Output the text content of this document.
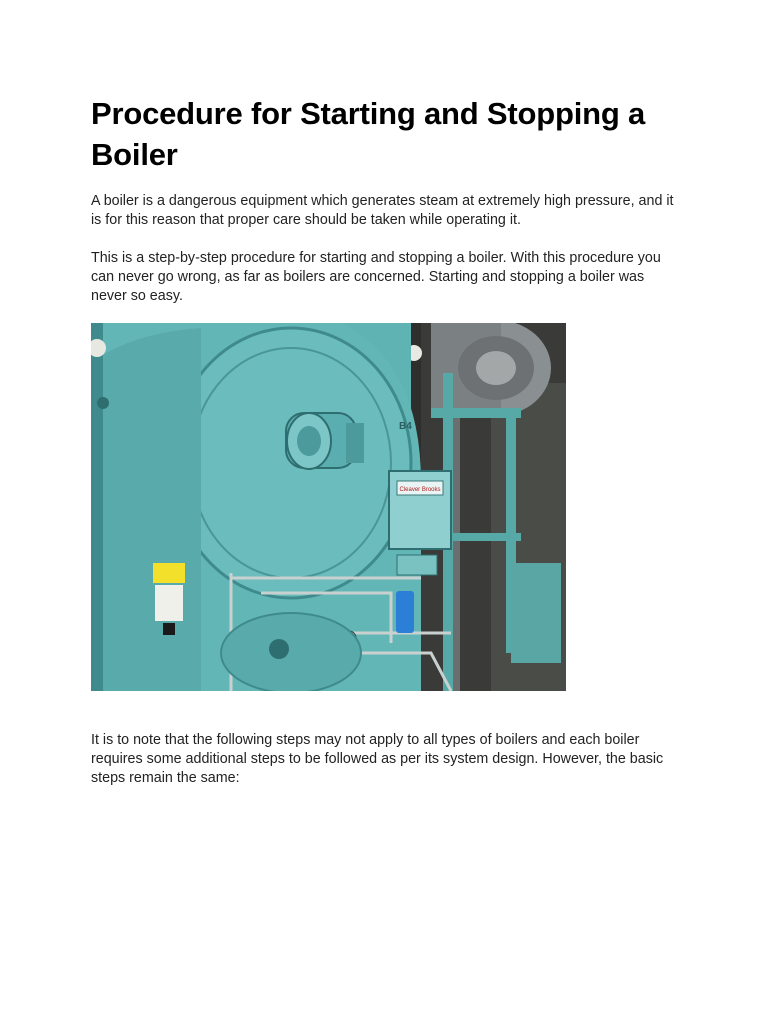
Procedure for Starting and Stopping a Boiler

A boiler is a dangerous equipment which generates steam at extremely high pressure, and it is for this reason that proper care should be taken while operating it.

This is a step-by-step procedure for starting and stopping a boiler. With this procedure you can never go wrong, as far as boilers are concerned. Starting and stopping a boiler was never so easy.

Cleaver Brooks
B4

It is to note that the following steps may not apply to all types of boilers and each boiler requires some additional steps to be followed as per its system design. However, the basic steps remain the same:
